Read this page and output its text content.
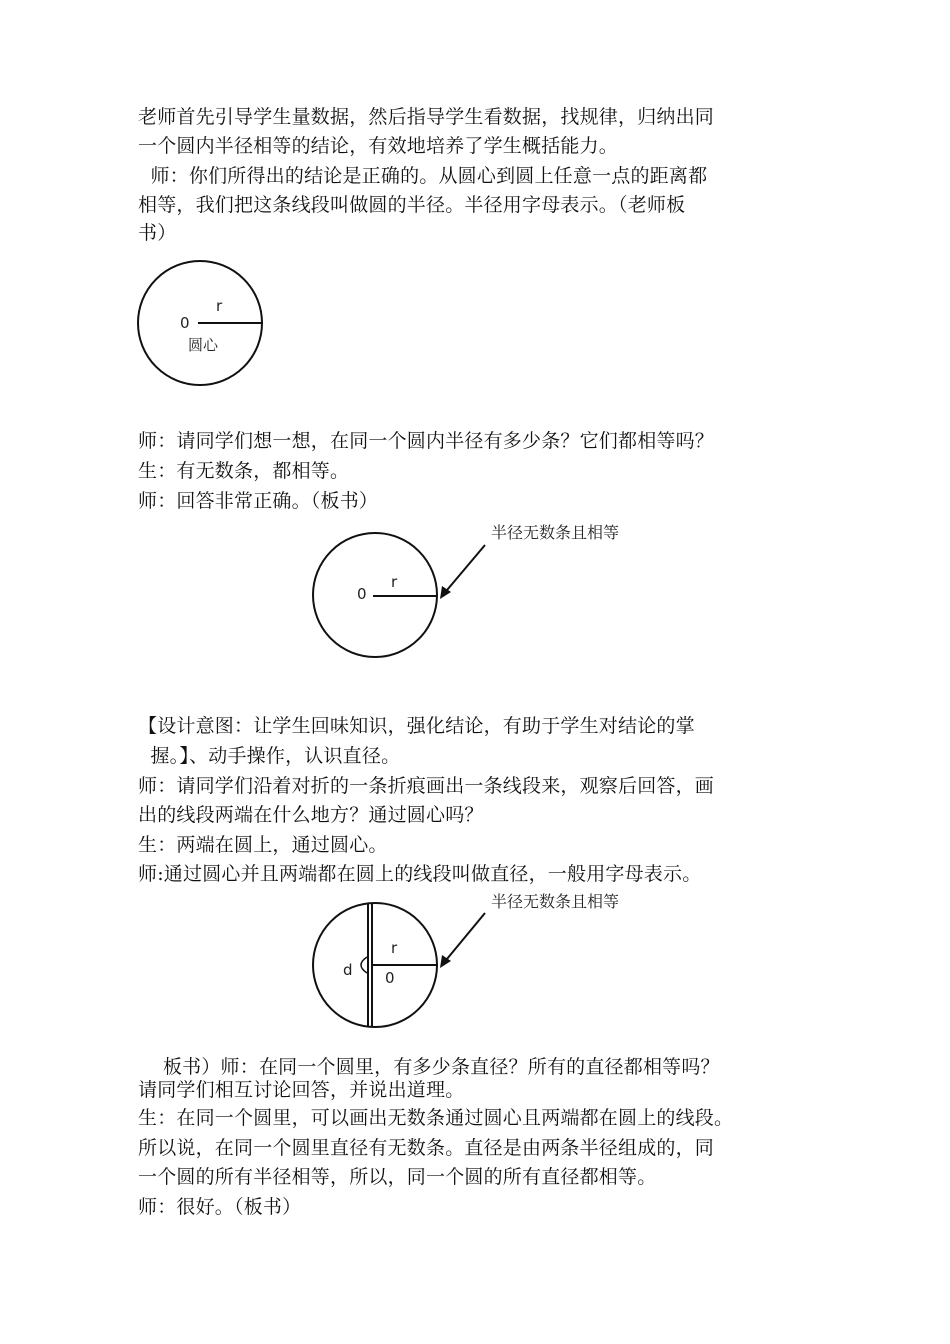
老师首先引导学生量数据，然后指导学生看数据，找规律，归纳出同
一个圆内半径相等的结论，有效地培养了学生概括能力。
师：你们所得出的结论是正确的。从圆心到圆上任意一点的距离都
相等，我们把这条线段叫做圆的半径。半径用字母表示。（老师板
书）
0
r
圆心
师：请同学们想一想，在同一个圆内半径有多少条？它们都相等吗？
生：有无数条，都相等。
师：回答非常正确。（板书）
0
r
半径无数条且相等
【设计意图：让学生回味知识，强化结论，有助于学生对结论的掌
握。】、动手操作，认识直径。
师：请同学们沿着对折的一条折痕画出一条线段来，观察后回答，画
出的线段两端在什么地方？通过圆心吗？
生：两端在圆上，通过圆心。
师:通过圆心并且两端都在圆上的线段叫做直径，一般用字母表示。
d
r
0
半径无数条且相等
板书）师：在同一个圆里，有多少条直径？所有的直径都相等吗？
请同学们相互讨论回答，并说出道理。
生：在同一个圆里，可以画出无数条通过圆心且两端都在圆上的线段。
所以说，在同一个圆里直径有无数条。直径是由两条半径组成的，同
一个圆的所有半径相等，所以，同一个圆的所有直径都相等。
师：很好。（板书）
